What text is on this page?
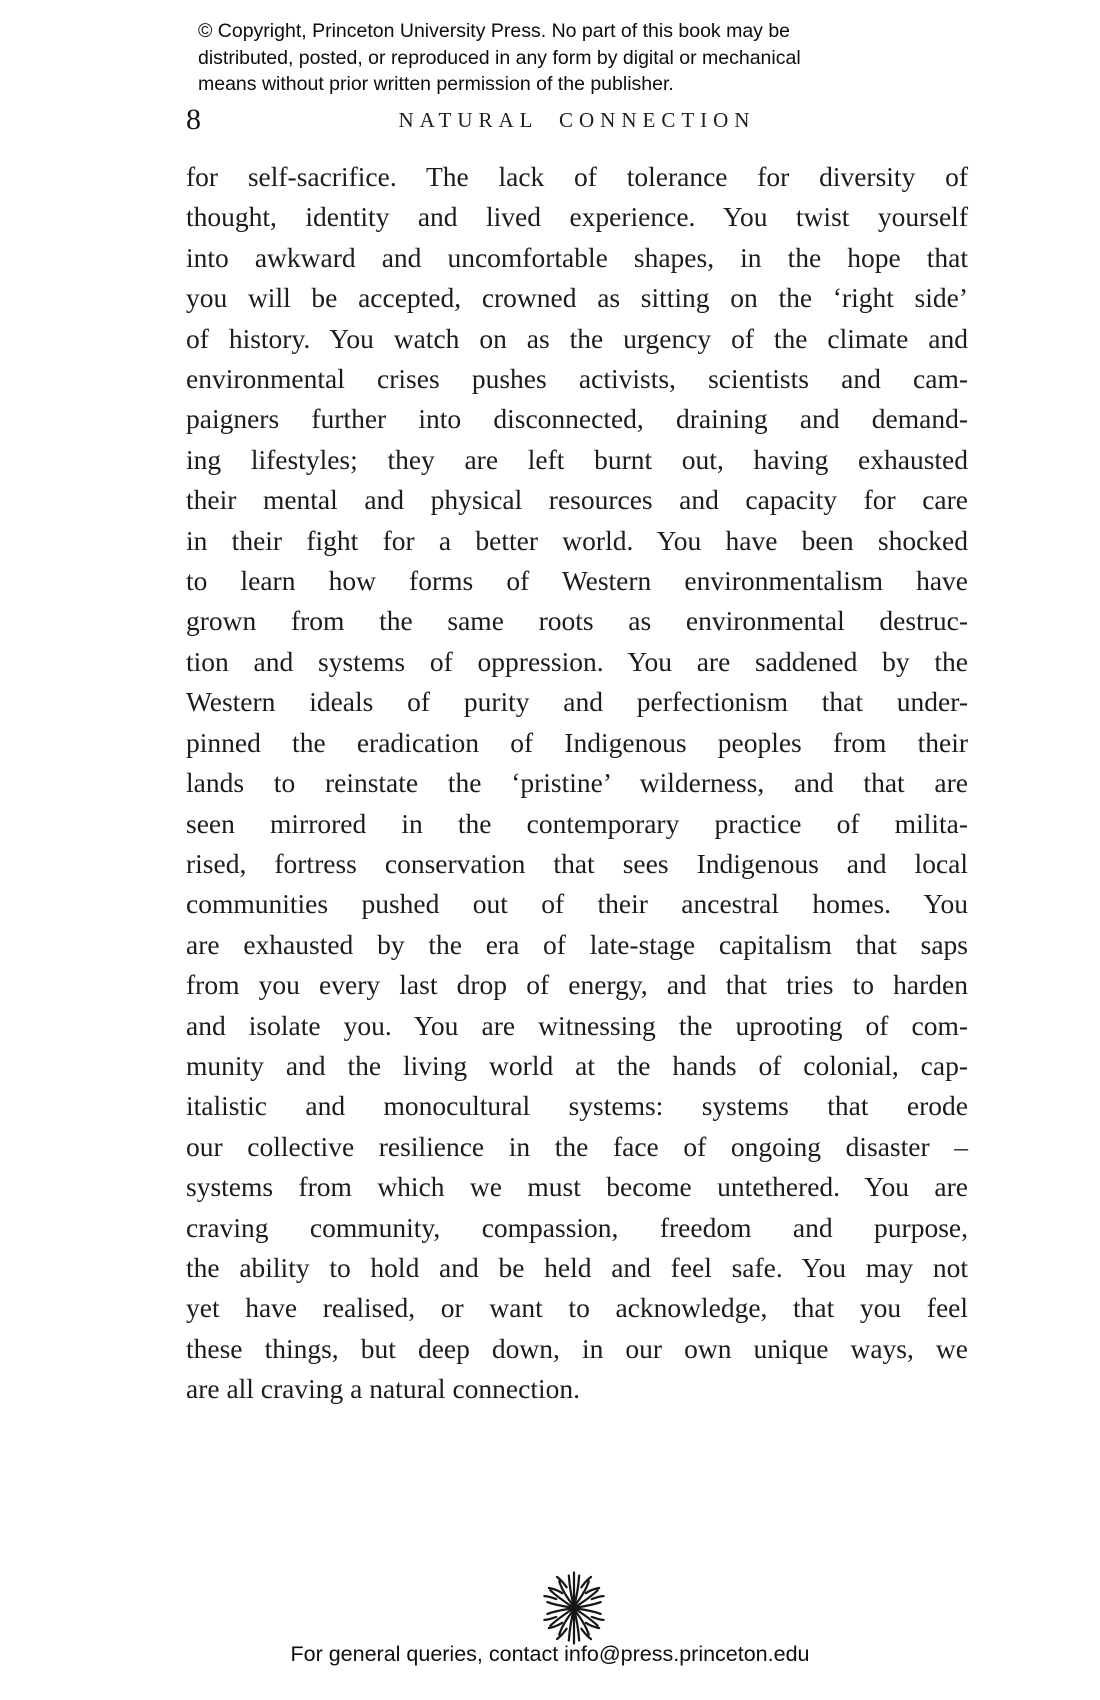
© Copyright, Princeton University Press. No part of this book may be
distributed, posted, or reproduced in any form by digital or mechanical
means without prior written permission of the publisher.
8	NATURAL CONNECTION
for self-sacrifice. The lack of tolerance for diversity of
thought, identity and lived experience. You twist yourself
into awkward and uncomfortable shapes, in the hope that
you will be accepted, crowned as sitting on the ‘right side’
of history. You watch on as the urgency of the climate and
environmental crises pushes activists, scientists and cam-
paigners further into disconnected, draining and demand-
ing lifestyles; they are left burnt out, having exhausted
their mental and physical resources and capacity for care
in their fight for a better world. You have been shocked
to learn how forms of Western environmentalism have
grown from the same roots as environmental destruc-
tion and systems of oppression. You are saddened by the
Western ideals of purity and perfectionism that under-
pinned the eradication of Indigenous peoples from their
lands to reinstate the ‘pristine’ wilderness, and that are
seen mirrored in the contemporary practice of milita-
rised, fortress conservation that sees Indigenous and local
communities pushed out of their ancestral homes. You
are exhausted by the era of late-stage capitalism that saps
from you every last drop of energy, and that tries to harden
and isolate you. You are witnessing the uprooting of com-
munity and the living world at the hands of colonial, cap-
italistic and monocultural systems: systems that erode
our collective resilience in the face of ongoing disaster –
systems from which we must become untethered. You are
craving community, compassion, freedom and purpose,
the ability to hold and be held and feel safe. You may not
yet have realised, or want to acknowledge, that you feel
these things, but deep down, in our own unique ways, we
are all craving a natural connection.
For general queries, contact info@press.princeton.edu
